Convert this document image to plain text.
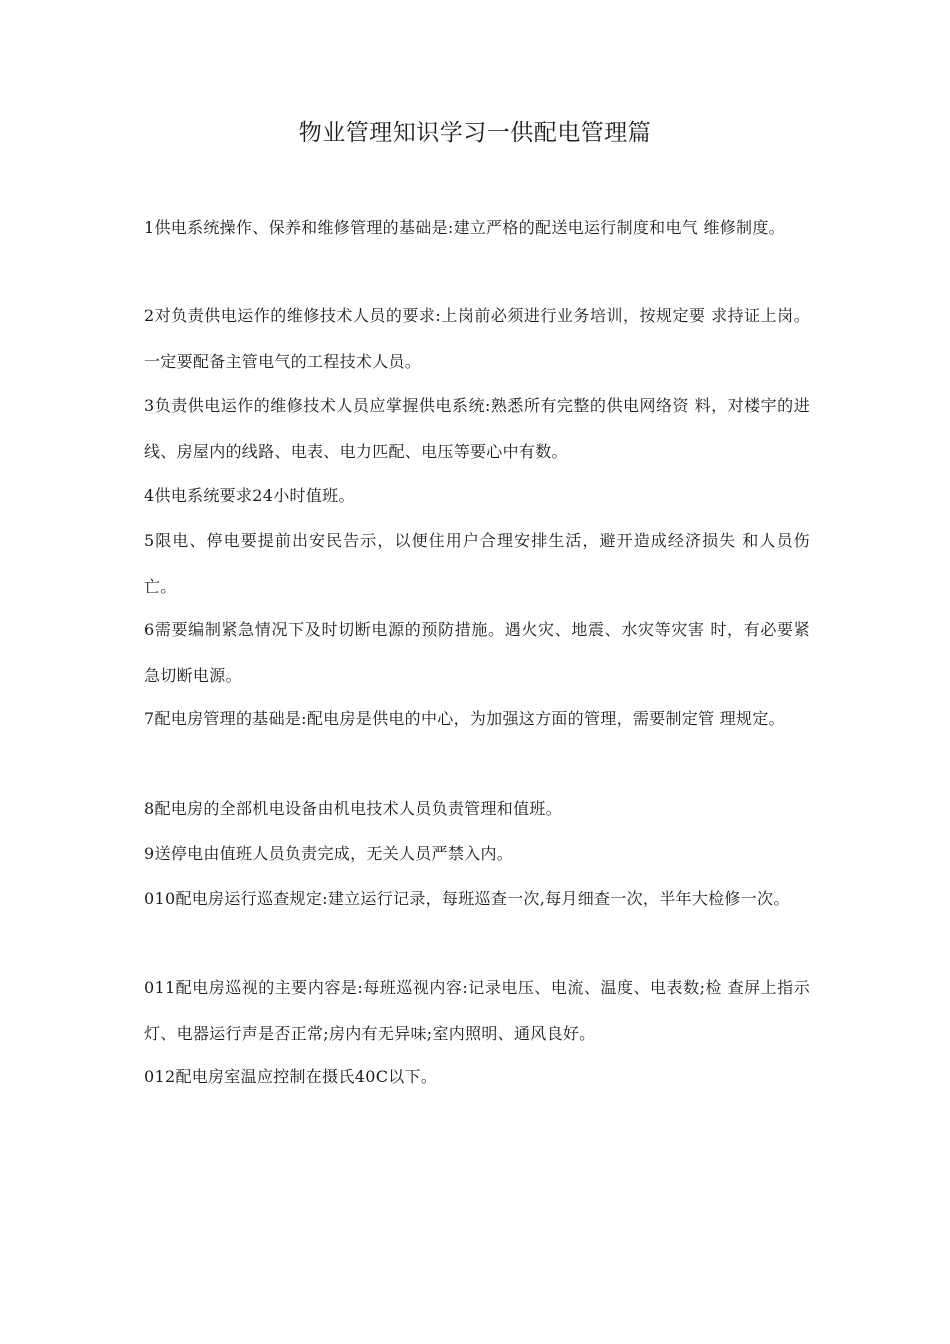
物业管理知识学习一供配电管理篇
1供电系统操作、保养和维修管理的基础是:建立严格的配送电运行制度和电气 维修制度。
2对负责供电运作的维修技术人员的要求:上岗前必须进行业务培训，按规定要 求持证上岗。一定要配备主管电气的工程技术人员。
3负责供电运作的维修技术人员应掌握供电系统:熟悉所有完整的供电网络资 料，对楼宇的进线、房屋内的线路、电表、电力匹配、电压等要心中有数。
4供电系统要求24小时值班。
5限电、停电要提前出安民告示，以便住用户合理安排生活，避开造成经济损失 和人员伤亡。
6需要编制紧急情况下及时切断电源的预防措施。遇火灾、地震、水灾等灾害 时，有必要紧急切断电源。
7配电房管理的基础是:配电房是供电的中心，为加强这方面的管理，需要制定管 理规定。
8配电房的全部机电设备由机电技术人员负责管理和值班。
9送停电由值班人员负责完成，无关人员严禁入内。
010配电房运行巡查规定:建立运行记录，每班巡查一次,每月细查一次，半年大检修一次。
011配电房巡视的主要内容是:每班巡视内容:记录电压、电流、温度、电表数;检 查屏上指示灯、电器运行声是否正常;房内有无异味;室内照明、通风良好。
012配电房室温应控制在摄氏40C以下。
